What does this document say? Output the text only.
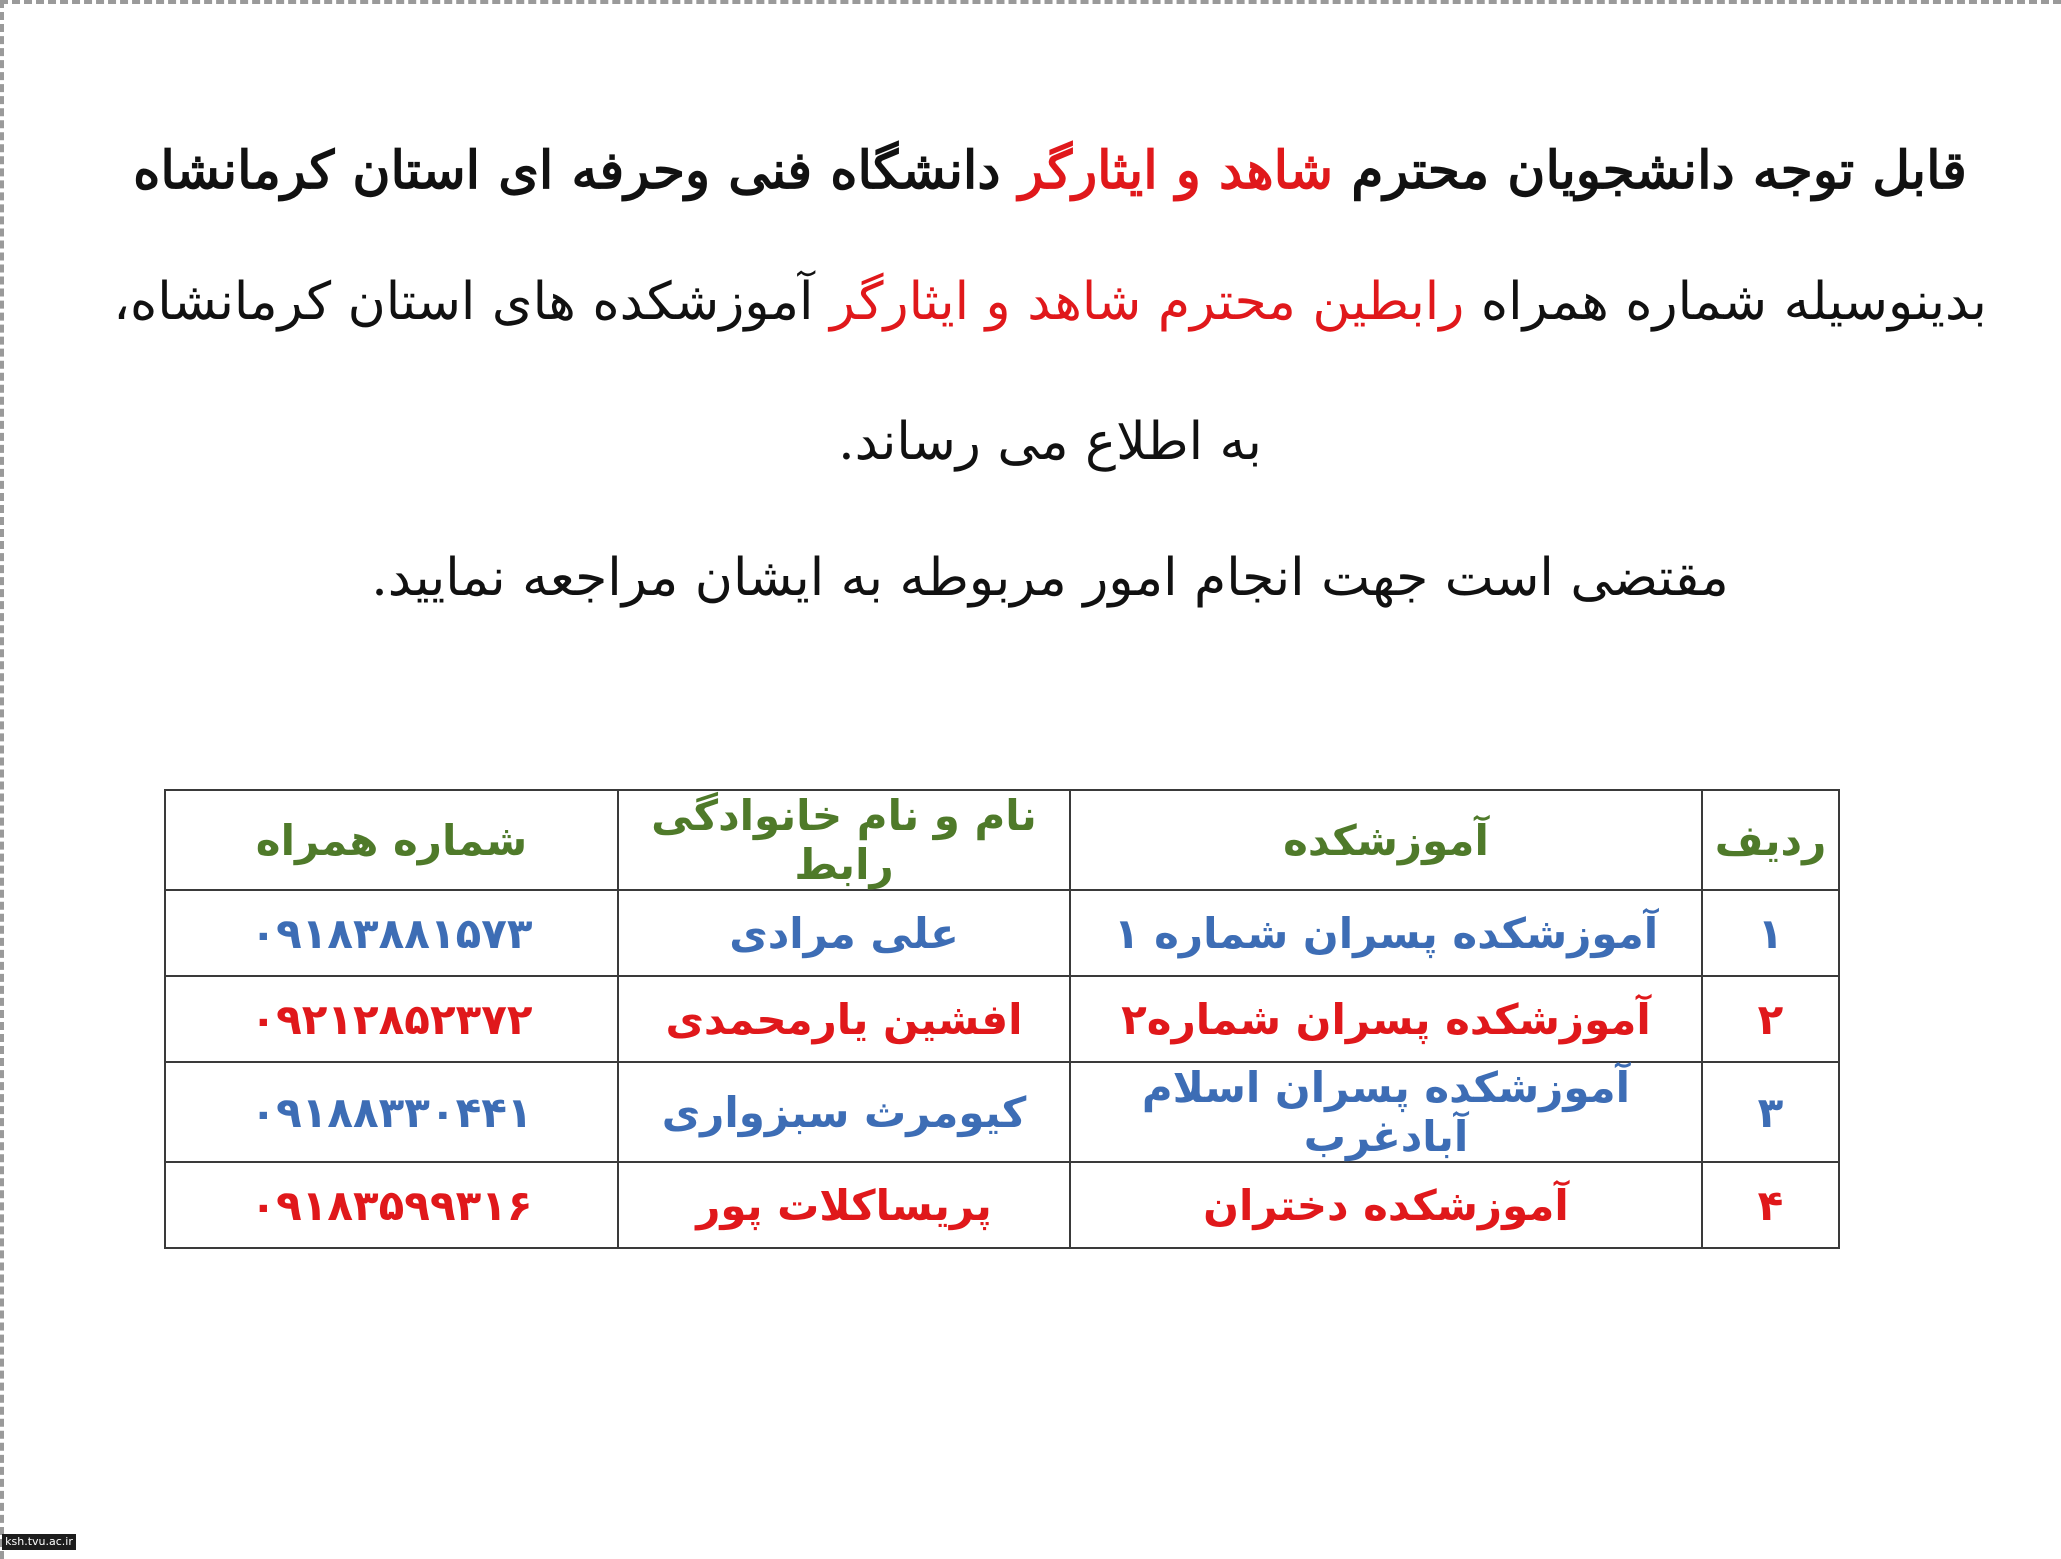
قابل توجه دانشجویان محترم شاهد و ایثارگر دانشگاه فنی وحرفه ای استان کرمانشاه
بدینوسیله شماره همراه رابطین محترم شاهد و ایثارگر آموزشکده های استان کرمانشاه،
به اطلاع می رساند.
مقتضی است جهت انجام امور مربوطه به ایشان مراجعه نمایید.
ردیف	آموزشکده	نام و نام خانوادگی رابط	شماره همراه
۱	آموزشکده پسران شماره ۱	علی مرادی	۰۹۱۸۳۸۸۱۵۷۳
۲	آموزشکده پسران شماره۲	افشین یارمحمدی	۰۹۲۱۲۸۵۲۳۷۲
۳	آموزشکده پسران اسلام آبادغرب	کیومرث سبزواری	۰۹۱۸۸۳۳۰۴۴۱
۴	آموزشکده دختران	پریساکلات پور	۰۹۱۸۳۵۹۹۳۱۶
ksh.tvu.ac.ir
